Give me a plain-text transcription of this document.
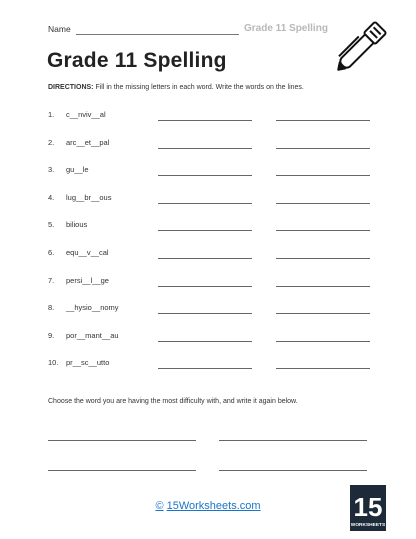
Name	Grade 11 Spelling
Grade 11 Spelling
DIRECTIONS: Fill in the missing letters in each word. Write the words on the lines.
1. c__nviv__al
2. arc__et__pal
3. gu__le
4. lug__br__ous
5. bilious
6. equ__v__cal
7. persi__l__ge
8. __hysio__nomy
9. por__mant__au
10. pr__sc__utto
Choose the word you are having the most difficulty with, and write it again below.
© 15Worksheets.com	15
WORKSHEETS
